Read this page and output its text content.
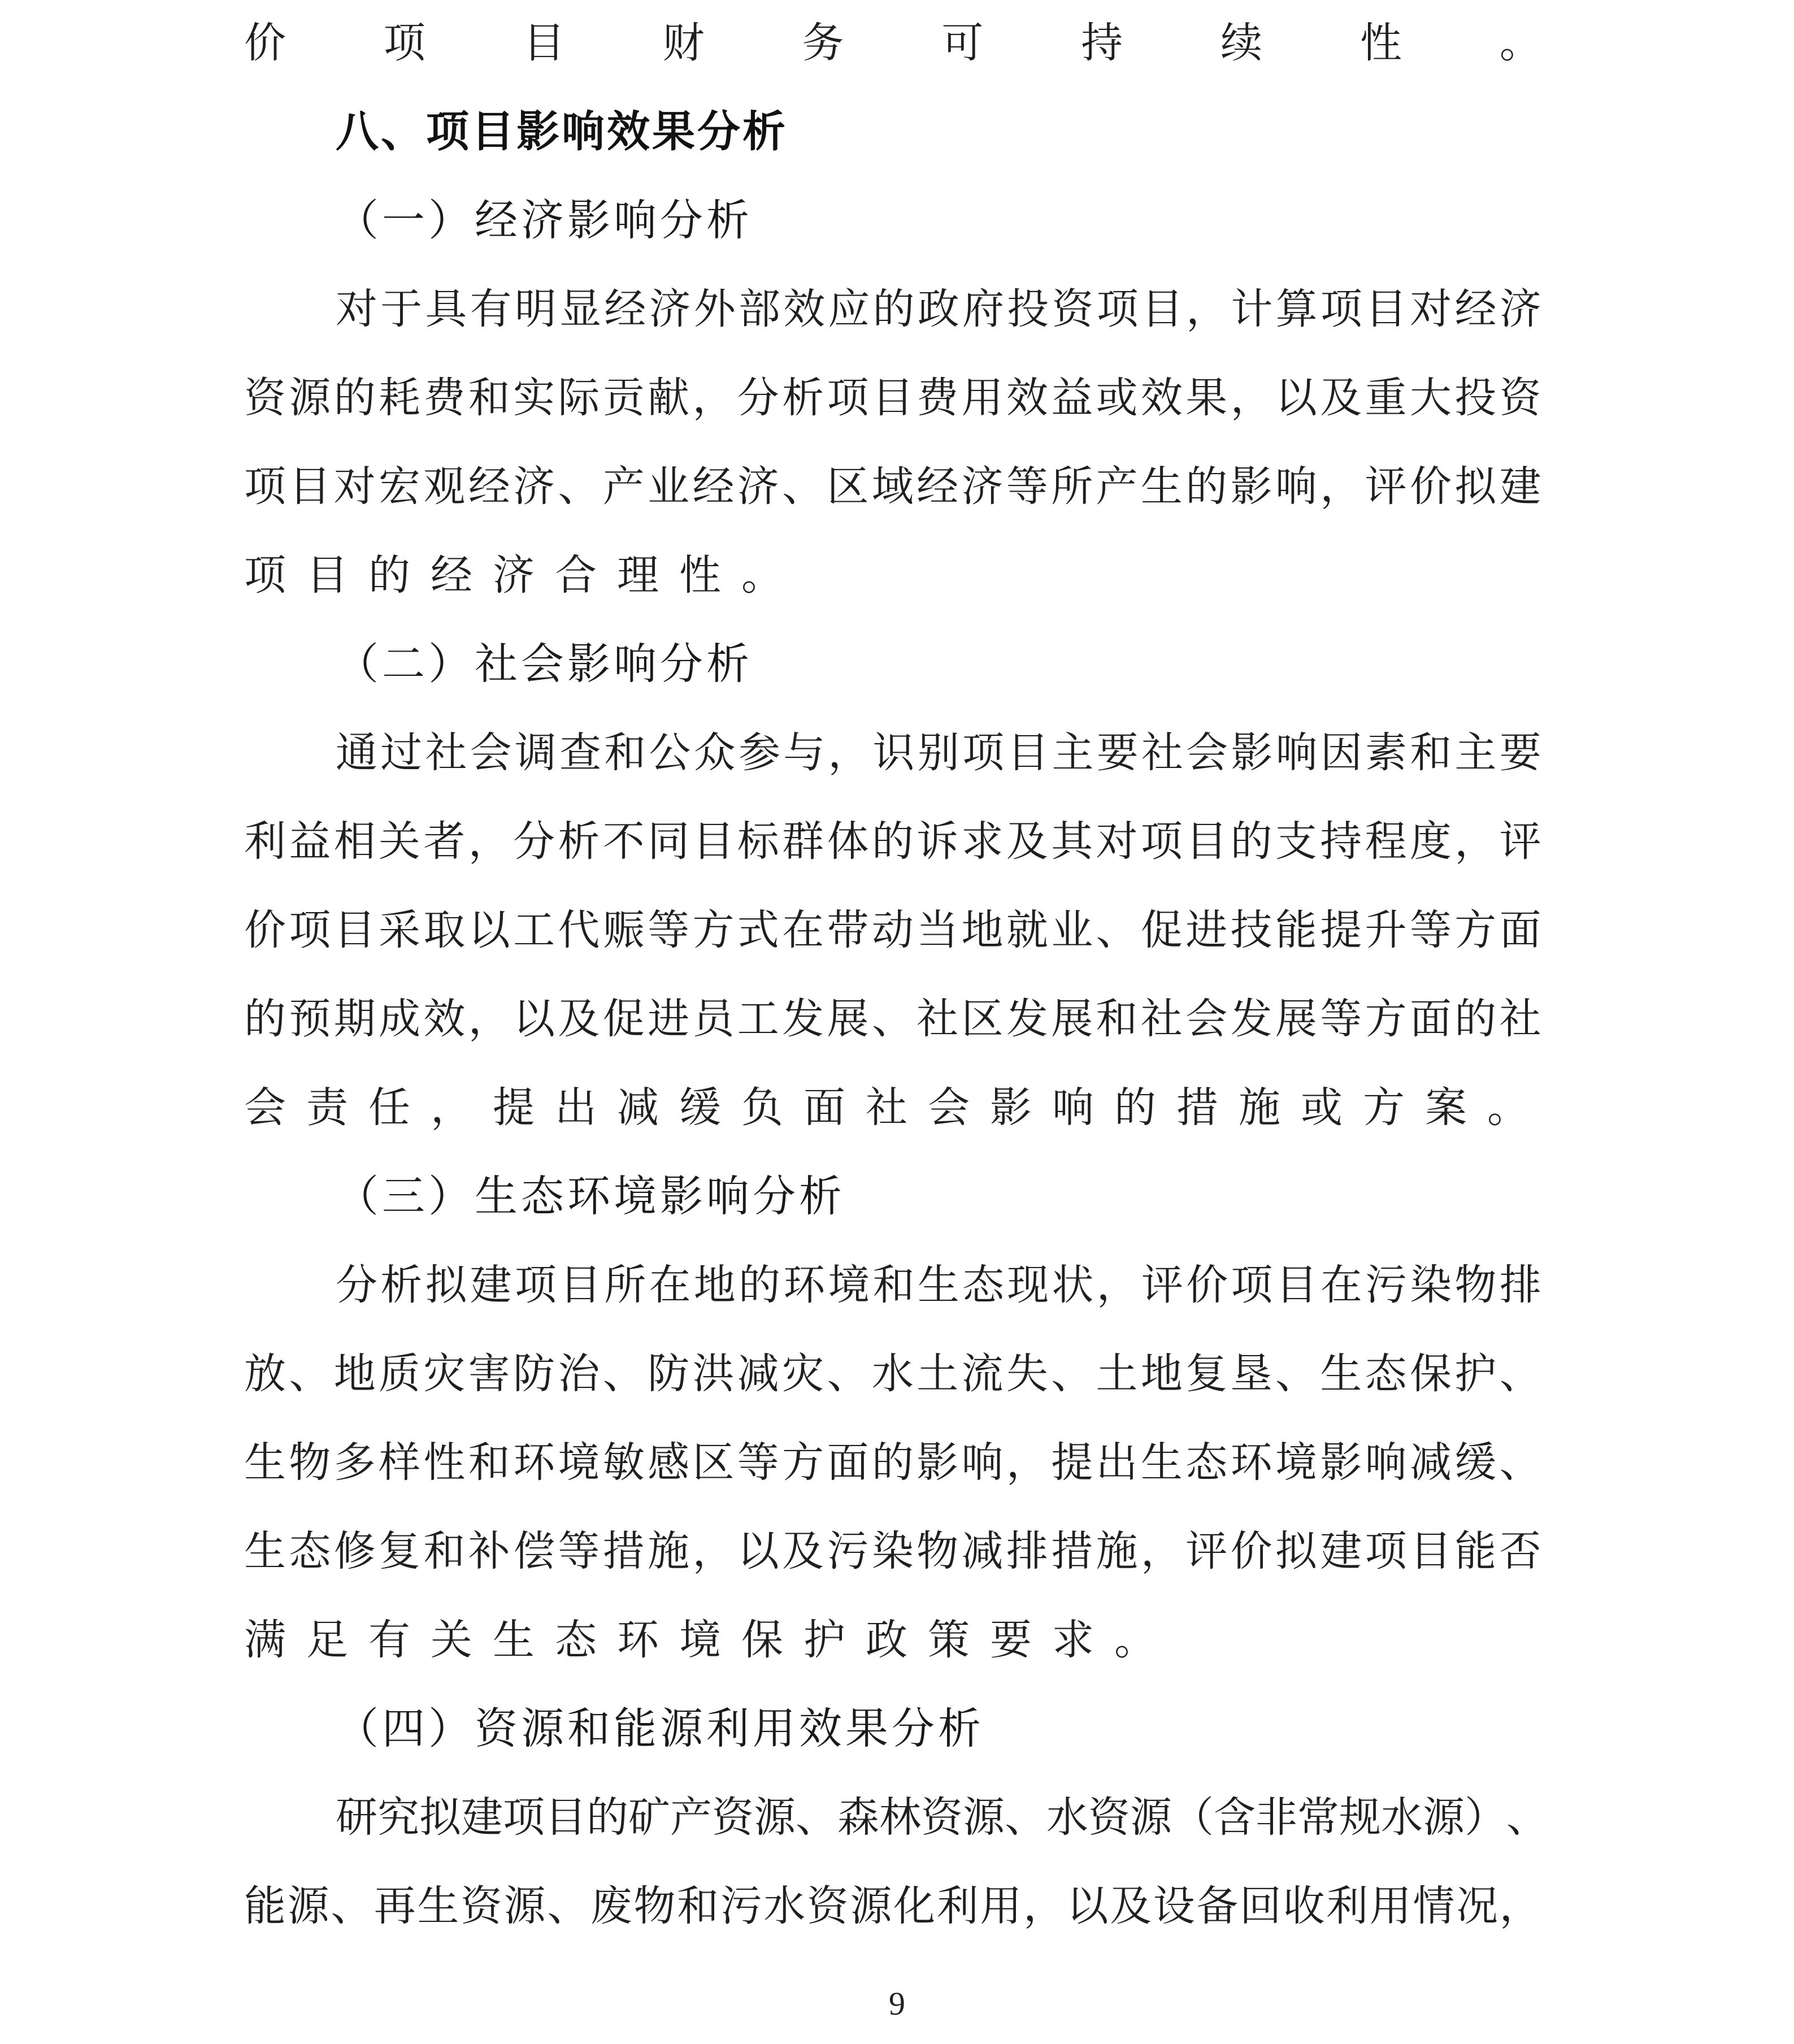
价 项 目 财 务 可 持 续 性 。
八、项目影响效果分析
（一）经济影响分析
对 于 具 有 明 显 经 济 外 部 效 应 的 政 府 投 资 项 目 ， 计 算 项 目 对 经 济
资 源 的 耗 费 和 实 际 贡 献 ， 分 析 项 目 费 用 效 益 或 效 果 ， 以 及 重 大 投 资
项 目 对 宏 观 经 济 、 产 业 经 济 、 区 域 经 济 等 所 产 生 的 影 响 ， 评 价 拟 建
项目的经济合理性。
（二）社会影响分析
通 过 社 会 调 查 和 公 众 参 与 ， 识 别 项 目 主 要 社 会 影 响 因 素 和 主 要
利 益 相 关 者 ， 分 析 不 同 目 标 群 体 的 诉 求 及 其 对 项 目 的 支 持 程 度 ， 评
价 项 目 采 取 以 工 代 赈 等 方 式 在 带 动 当 地 就 业 、 促 进 技 能 提 升 等 方 面
的 预 期 成 效 ， 以 及 促 进 员 工 发 展 、 社 区 发 展 和 社 会 发 展 等 方 面 的 社
会责任，提出减缓负面社会影响的措施或方案。
（三）生态环境影响分析
分 析 拟 建 项 目 所 在 地 的 环 境 和 生 态 现 状 ， 评 价 项 目 在 污 染 物 排
放 、 地 质 灾 害 防 治 、 防 洪 减 灾 、 水 土 流 失 、 土 地 复 垦 、 生 态 保 护 、
生 物 多 样 性 和 环 境 敏 感 区 等 方 面 的 影 响 ， 提 出 生 态 环 境 影 响 减 缓 、
生 态 修 复 和 补 偿 等 措 施 ， 以 及 污 染 物 减 排 措 施 ， 评 价 拟 建 项 目 能 否
满足有关生态环境保护政策要求。
（四）资源和能源利用效果分析
研 究 拟 建 项 目 的 矿 产 资 源 、 森 林 资 源 、 水 资 源 （ 含 非 常 规 水 源 ） 、
能 源 、 再 生 资 源 、 废 物 和 污 水 资 源 化 利 用 ， 以 及 设 备 回 收 利 用 情 况 ，
9
